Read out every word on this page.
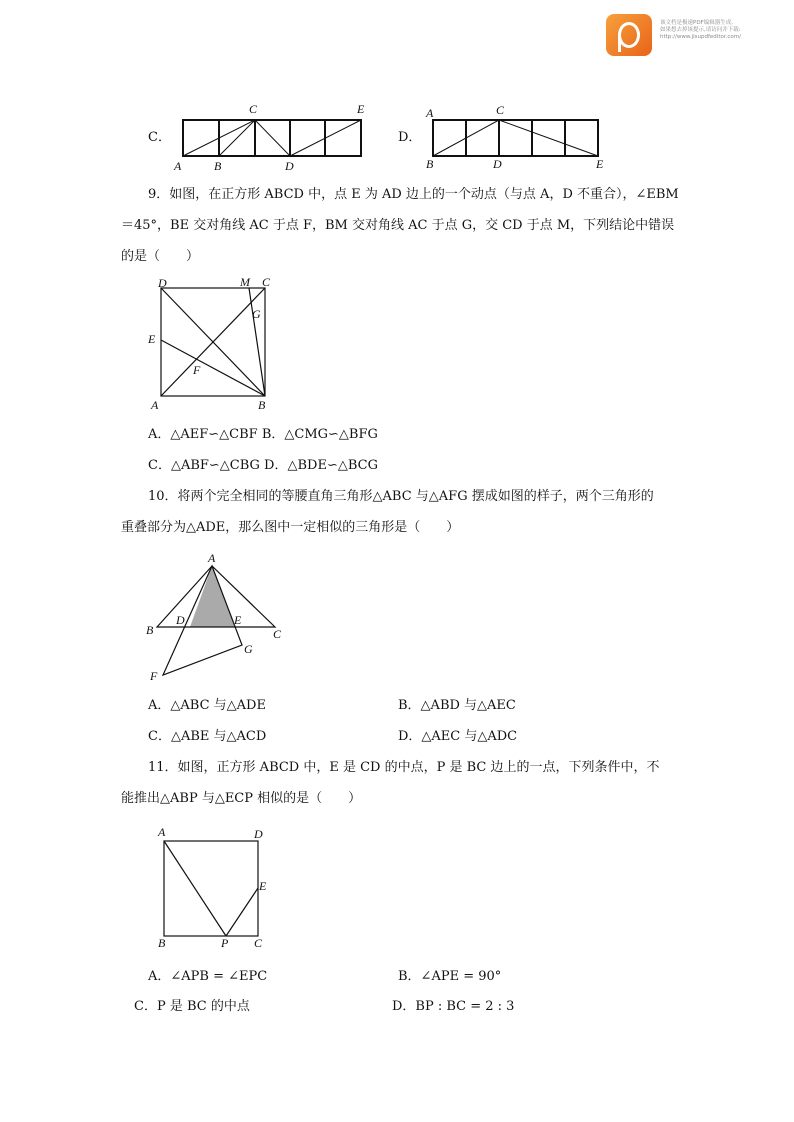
该文档是极速PDF编辑器生成,
如果想去掉该提示,请访问并下载:
http://www.jisupdfeditor.com/
C．
C	E
A	B	D
D．
A	C
B	D	E
9．如图，在正方形 ABCD 中，点 E 为 AD 边上的一个动点（与点 A，D 不重合），∠EBM
＝45°，BE 交对角线 AC 于点 F，BM 交对角线 AC 于点 G，交 CD 于点 M，下列结论中错误
的是（　　）
D	M C
G
E
F
A	B
A．△AEF∽△CBF B．△CMG∽△BFG
C．△ABF∽△CBG D．△BDE∽△BCG
10．将两个完全相同的等腰直角三角形△ABC 与△AFG 摆成如图的样子，两个三角形的
重叠部分为△ADE，那么图中一定相似的三角形是（　　）
A
B
D	E
C
G
F
A．△ABC 与△ADE	B．△ABD 与△AEC
C．△ABE 与△ACD	D．△AEC 与△ADC
11．如图，正方形 ABCD 中，E 是 CD 的中点，P 是 BC 边上的一点，下列条件中，不
能推出△ABP 与△ECP 相似的是（　　）
A	D
E
B	P C
A．∠APB = ∠EPC	B．∠APE = 90°
C．P 是 BC 的中点	D．BP : BC = 2 : 3
